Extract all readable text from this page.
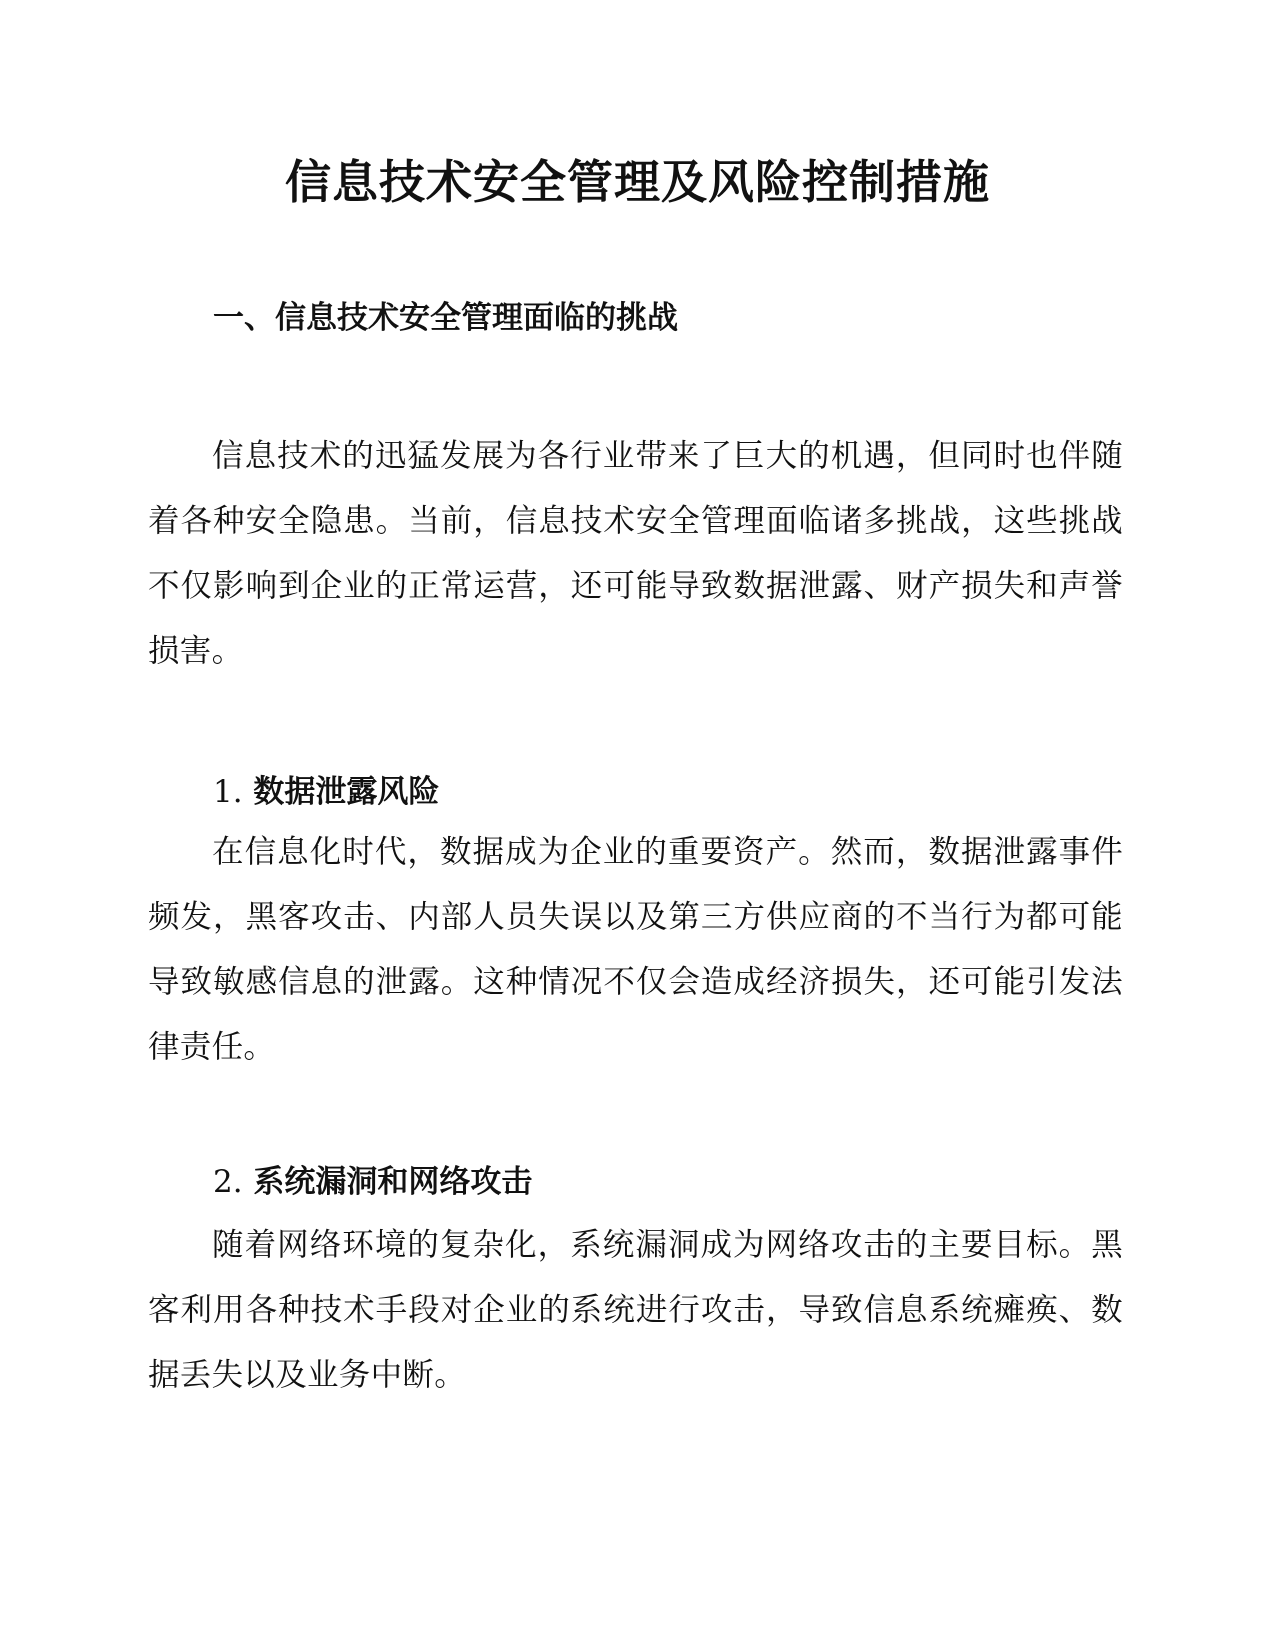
信息技术安全管理及风险控制措施
一、信息技术安全管理面临的挑战

信息技术的迅猛发展为各行业带来了巨大的机遇，但同时也伴随着各种安全隐患。当前，信息技术安全管理面临诸多挑战，这些挑战不仅影响到企业的正常运营，还可能导致数据泄露、财产损失和声誉损害。

1. 数据泄露风险

在信息化时代，数据成为企业的重要资产。然而，数据泄露事件频发，黑客攻击、内部人员失误以及第三方供应商的不当行为都可能导致敏感信息的泄露。这种情况不仅会造成经济损失，还可能引发法律责任。

2. 系统漏洞和网络攻击

随着网络环境的复杂化，系统漏洞成为网络攻击的主要目标。黑客利用各种技术手段对企业的系统进行攻击，导致信息系统瘫痪、数据丢失以及业务中断。
